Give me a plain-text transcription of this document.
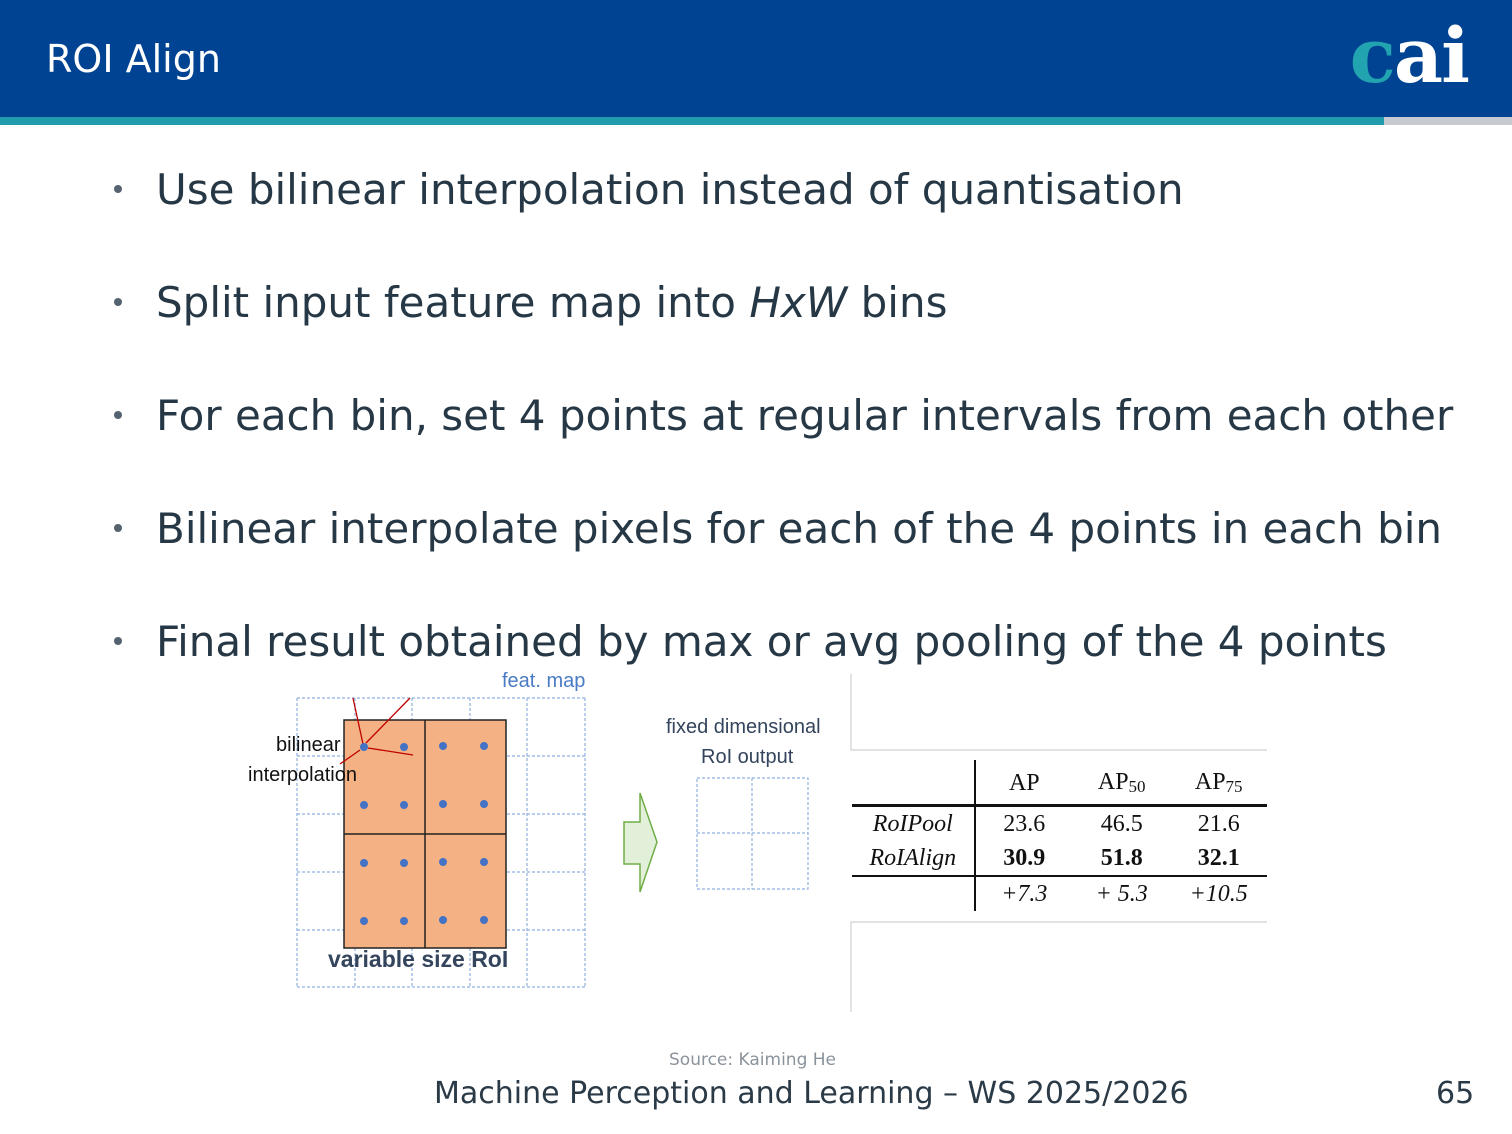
ROI Align	cai
Use bilinear interpolation instead of quantisation
Split input feature map into HxW bins
For each bin, set 4 points at regular intervals from each other
Bilinear interpolate pixels for each of the 4 points in each bin
Final result obtained by max or avg pooling of the 4 points
feat. map
bilinear
interpolation
variable size RoI
fixed dimensional
RoI output
	AP	$AP_{50}$	$AP_{75}$
RoIPool	23.6	46.5	21.6
RoIAlign	30.9	51.8	32.1
	+7.3	+ 5.3	+10.5
Source: Kaiming He
Machine Perception and Learning – WS 2025/2026	65
